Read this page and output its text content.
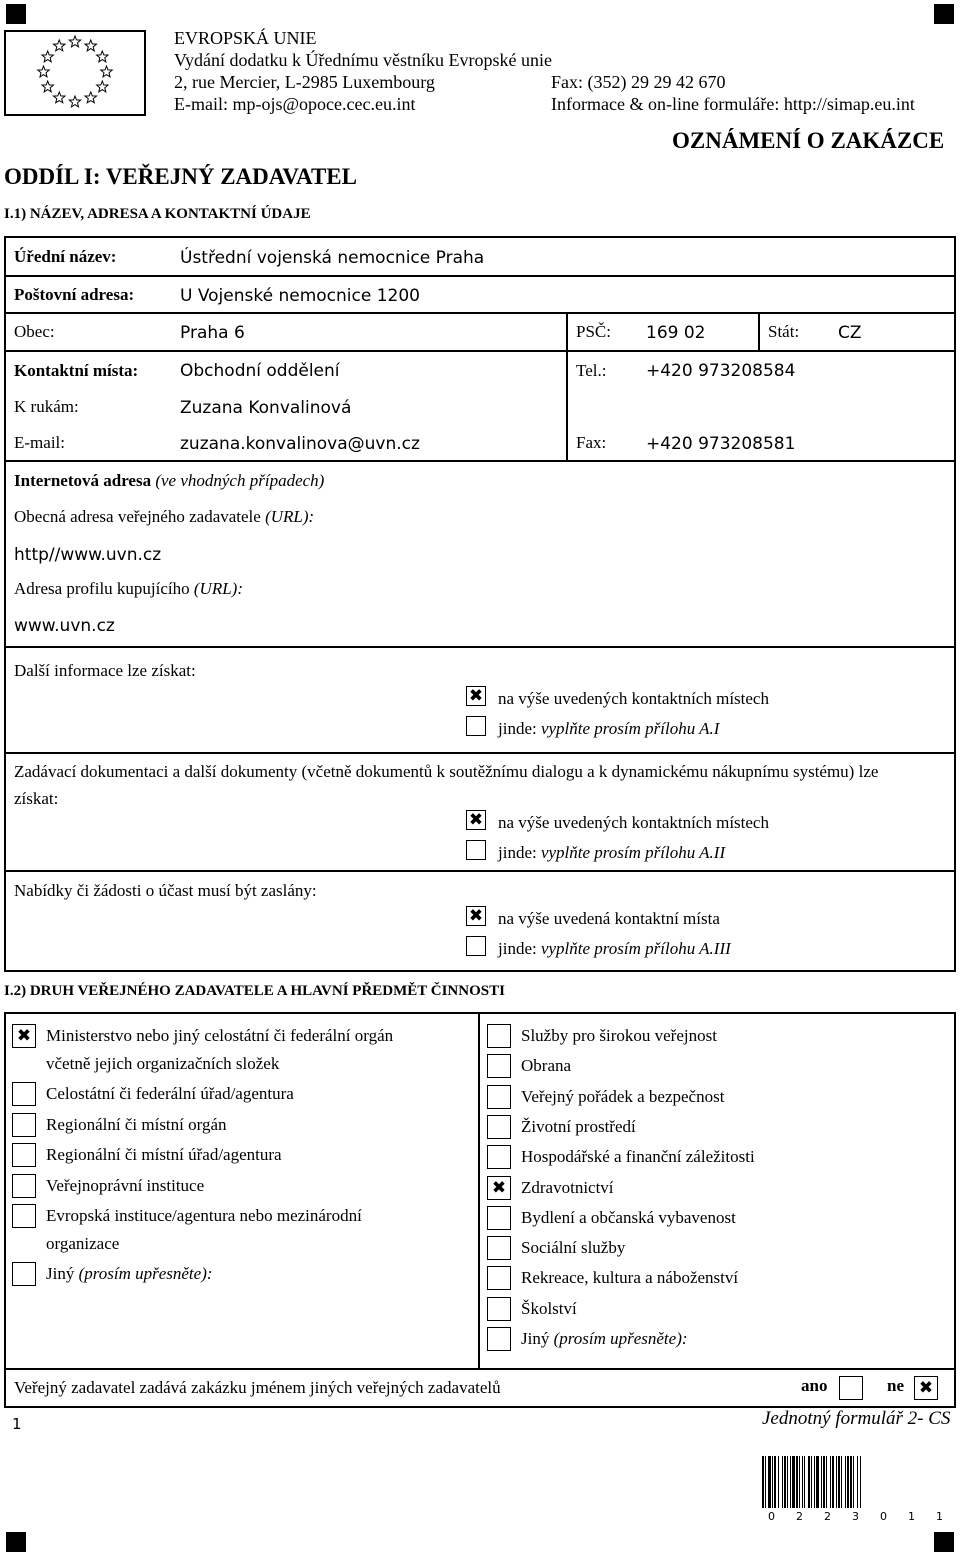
EVROPSKÁ UNIE
Vydání dodatku k Úřednímu věstníku Evropské unie
2, rue Mercier, L-2985 Luxembourg	Fax: (352) 29 29 42 670
E-mail: mp-ojs@opoce.cec.eu.int	Informace & on-line formuláře: http://simap.eu.int
OZNÁMENÍ O ZAKÁZCE
ODDÍL I: VEŘEJNÝ ZADAVATEL
I.1) NÁZEV, ADRESA A KONTAKTNÍ ÚDAJE
Úřední název:	Ústřední vojenská nemocnice Praha
Poštovní adresa:	U Vojenské nemocnice 1200
Obec:	Praha 6	PSČ: 169 02	Stát: CZ
Kontaktní místa: Obchodní oddělení	Tel.: +420 973208584
K rukám:	Zuzana Konvalinová
E-mail:	zuzana.konvalinova@uvn.cz	Fax: +420 973208581
Internetová adresa (ve vhodných případech)
Obecná adresa veřejného zadavatele (URL):
http//www.uvn.cz
Adresa profilu kupujícího (URL):
www.uvn.cz
Další informace lze získat:
✖ na výše uvedených kontaktních místech
jinde: vyplňte prosím přílohu A.I
Zadávací dokumentaci a další dokumenty (včetně dokumentů k soutěžnímu dialogu a k dynamickému nákupnímu systému) lze získat:
✖ na výše uvedených kontaktních místech
jinde: vyplňte prosím přílohu A.II
Nabídky či žádosti o účast musí být zaslány:
✖ na výše uvedená kontaktní místa
jinde: vyplňte prosím přílohu A.III
I.2) DRUH VEŘEJNÉHO ZADAVATELE A HLAVNÍ PŘEDMĚT ČINNOSTI
✖ Ministerstvo nebo jiný celostátní či federální orgán
včetně jejich organizačních složek
Celostátní či federální úřad/agentura
Regionální či místní orgán
Regionální či místní úřad/agentura
Veřejnoprávní instituce
Evropská instituce/agentura nebo mezinárodní
organizace
Jiný (prosím upřesněte):
Služby pro širokou veřejnost
Obrana
Veřejný pořádek a bezpečnost
Životní prostředí
Hospodářské a finanční záležitosti
✖ Zdravotnictví
Bydlení a občanská vybavenost
Sociální služby
Rekreace, kultura a náboženství
Školství
Jiný (prosím upřesněte):
Veřejný zadavatel zadává zakázku jménem jiných veřejných zadavatelů	ano	ne ✖
1	Jednotný formulář 2- CS
0 2 2 3 0 1 1
